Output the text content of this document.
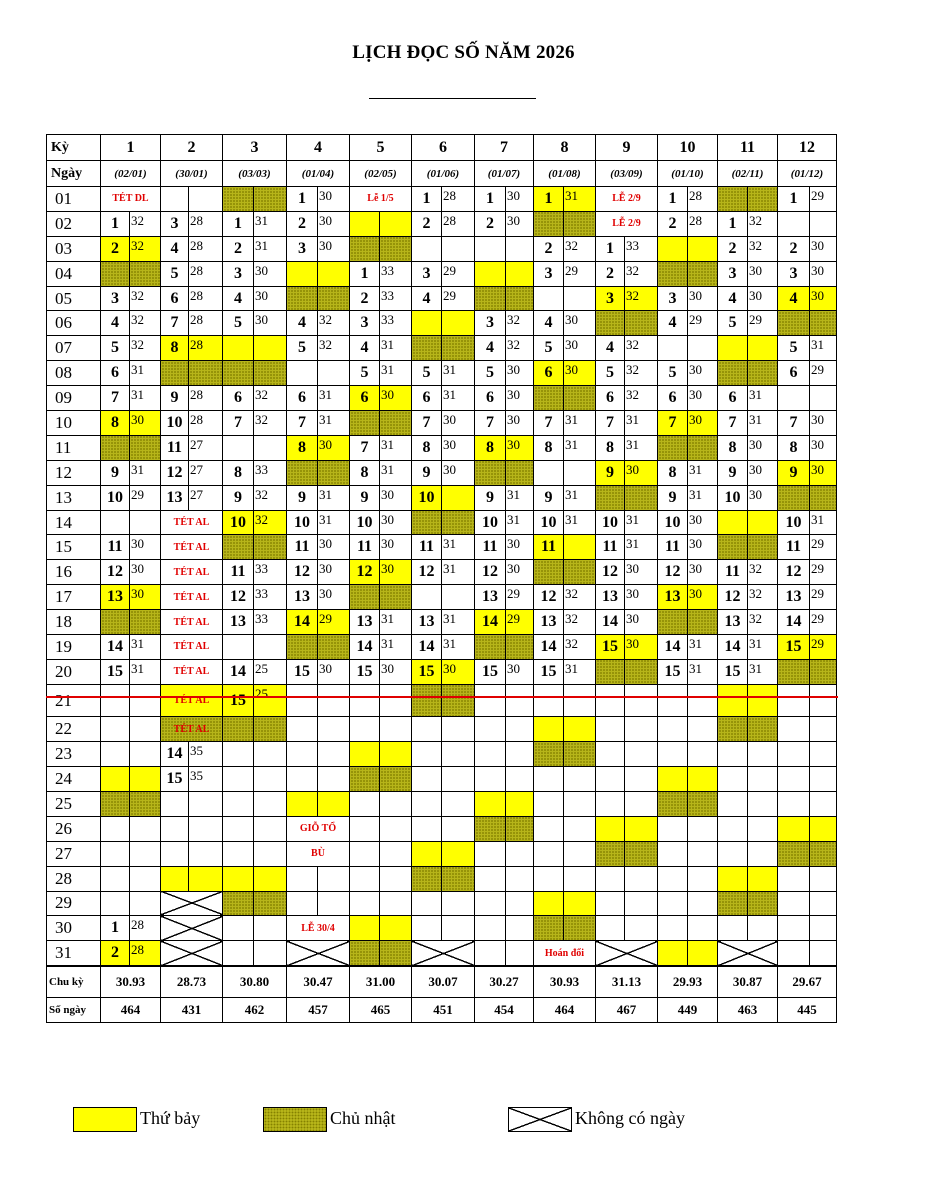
LỊCH ĐỌC SỐ NĂM 2026
Kỳ	1		2		3		4		5		6		7		8		9		10		11		12	
Ngày	(02/01)		(30/01)		(03/03)		(01/04)		(02/05)		(01/06)		(01/07)		(01/08)		(03/09)		(01/10)		(02/11)		(01/12)	
01	TÉT DL						1	30	Lễ 1/5		1	28	1	30	1	31	LỄ 2/9		1	28			1	29
02	1	32	3	28	1	31	2	30			2	28	2	30			LỄ 2/9		2	28	1	32		
03	2	32	4	28	2	31	3	30							2	32	1	33			2	32	2	30
04			5	28	3	30			1	33	3	29			3	29	2	32			3	30	3	30
05	3	32	6	28	4	30			2	33	4	29					3	32	3	30	4	30	4	30
06	4	32	7	28	5	30	4	32	3	33			3	32	4	30			4	29	5	29		
07	5	32	8	28			5	32	4	31			4	32	5	30	4	32					5	31
08	6	31							5	31	5	31	5	30	6	30	5	32	5	30			6	29
09	7	31	9	28	6	32	6	31	6	30	6	31	6	30			6	32	6	30	6	31		
10	8	30	10	28	7	32	7	31			7	30	7	30	7	31	7	31	7	30	7	31	7	30
11			11	27			8	30	7	31	8	30	8	30	8	31	8	31			8	30	8	30
12	9	31	12	27	8	33			8	31	9	30					9	30	8	31	9	30	9	30
13	10	29	13	27	9	32	9	31	9	30	10		9	31	9	31			9	31	10	30		
14			TÉT AL		10	32	10	31	10	30			10	31	10	31	10	31	10	30			10	31
15	11	30	TÉT AL				11	30	11	30	11	31	11	30	11		11	31	11	30			11	29
16	12	30	TÉT AL		11	33	12	30	12	30	12	31	12	30			12	30	12	30	11	32	12	29
17	13	30	TÉT AL		12	33	13	30					13	29	12	32	13	30	13	30	12	32	13	29
18			TÉT AL		13	33	14	29	13	31	13	31	14	29	13	32	14	30			13	32	14	29
19	14	31	TÉT AL						14	31	14	31			14	32	15	30	14	31	14	31	15	29
20	15	31	TÉT AL		14	25	15	30	15	30	15	30	15	30	15	31			15	31	15	31		
21			TÉT AL		15	25																		
22			TÉT AL																					
23			14	35																				
24			15	35																				
25																								
26							GIỖ TỔ																	
27							BÙ																	
28																								
29																								
30	1	28					LỄ 30/4																	
31	2	28													Hoán đổi									
Chu kỳ	30.93		28.73		30.80		30.47		31.00		30.07		30.27		30.93		31.13		29.93		30.87		29.67	
Số ngày	464		431		462		457		465		451		454		464		467		449		463		445	
Thứ bảy	Chủ nhật	Không có ngày
